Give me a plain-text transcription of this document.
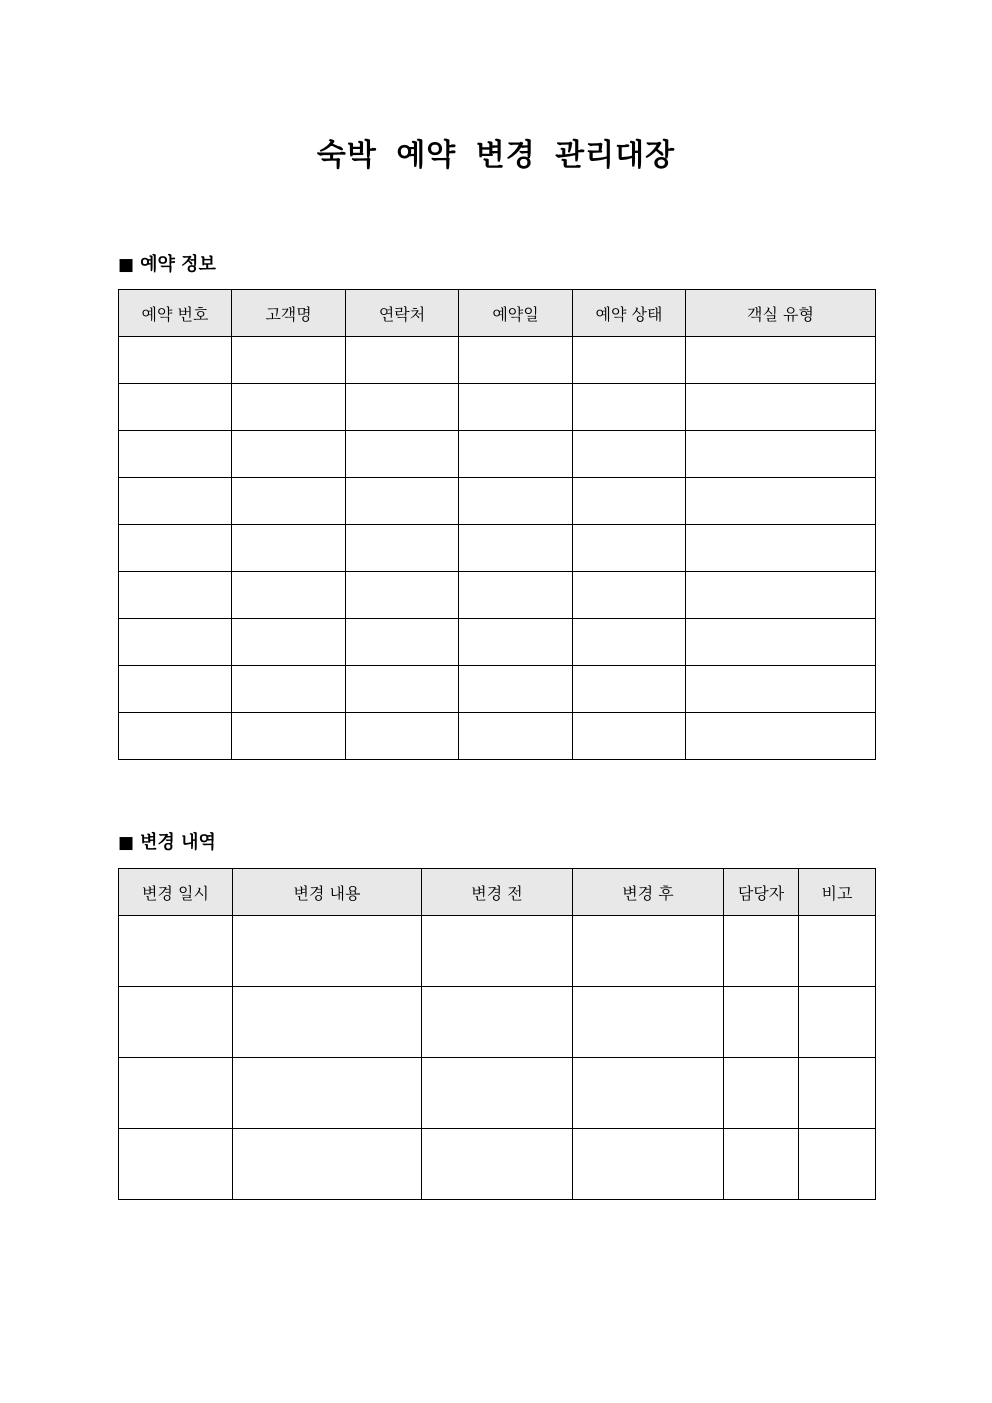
숙박 예약 변경 관리대장
■ 예약 정보
예약 번호	고객명	연락처	예약일	예약 상태	객실 유형

■ 변경 내역
변경 일시	변경 내용	변경 전	변경 후	담당자	비고
